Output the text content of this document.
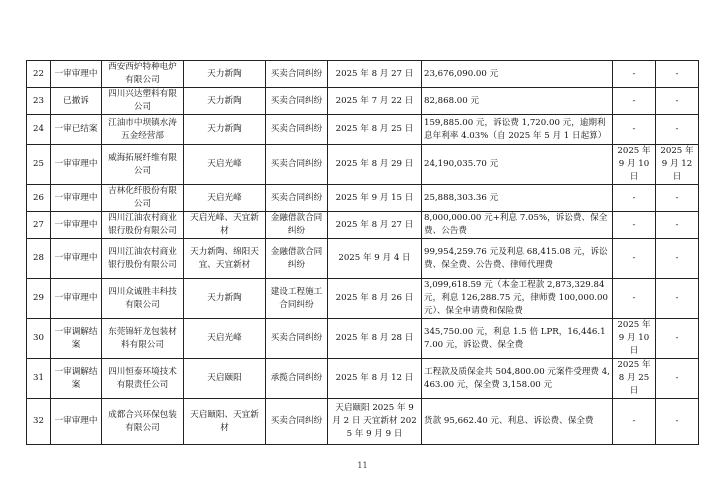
22	一审审理中	西安西炉特种电炉有限公司	天力新陶	买卖合同纠纷	2025 年 8 月 27 日	23,676,090.00 元	-	-
23	已撤诉	四川兴达塑料有限公司	天力新陶	买卖合同纠纷	2025 年 7 月 22 日	82,868.00 元	-	-
24	一审已结案	江油市中坝镇水涛五金经营部	天力新陶	买卖合同纠纷	2025 年 8 月 25 日	159,885.00 元，诉讼费 1,720.00 元，逾期利息年利率 4.03%（自 2025 年 5 月 1 日起算）	-	-
25	一审审理中	威海拓展纤维有限公司	天启光峰	买卖合同纠纷	2025 年 8 月 29 日	24,190,035.70 元	2025 年 9 月 10 日	2025 年 9 月 12 日
26	一审审理中	吉林化纤股份有限公司	天启光峰	买卖合同纠纷	2025 年 9 月 15 日	25,888,303.36 元	-	-
27	一审审理中	四川江油农村商业银行股份有限公司	天启光峰、天宜新材	金融借款合同纠纷	2025 年 8 月 27 日	8,000,000.00 元+利息 7.05%，诉讼费、保全费、公告费	-	-
28	一审审理中	四川江油农村商业银行股份有限公司	天力新陶、绵阳天宜、天宜新材	金融借款合同纠纷	2025 年 9 月 4 日	99,954,259.76 元及利息 68,415.08 元，诉讼费、保全费、公告费、律师代理费	-	-
29	一审审理中	四川众诚胜丰科技有限公司	天力新陶	建设工程施工合同纠纷	2025 年 8 月 26 日	3,099,618.59 元（本金工程款 2,873,329.84 元，利息 126,288.75 元，律师费 100,000.00 元）、保全申请费和保险费	-	-
30	一审调解结案	东莞锦轩龙包装材料有限公司	天启光峰	买卖合同纠纷	2025 年 8 月 28 日	345,750.00 元，利息 1.5 倍 LPR，16,446.17.00 元，诉讼费、保全费	2025 年 9 月 10 日	-
31	一审调解结案	四川恒泰环境技术有限责任公司	天启颐阳	承揽合同纠纷	2025 年 8 月 12 日	工程款及质保金共 504,800.00 元案件受理费 4,463.00 元，保全费 3,158.00 元	2025 年 8 月 25 日	-
32	一审审理中	成都合兴环保包装有限公司	天启颐阳、天宜新材	买卖合同纠纷	天启颐阳 2025 年 9 月 2 日 天宜新材 2025 年 9 月 9 日	货款 95,662.40 元、利息、诉讼费、保全费	-	-
11
